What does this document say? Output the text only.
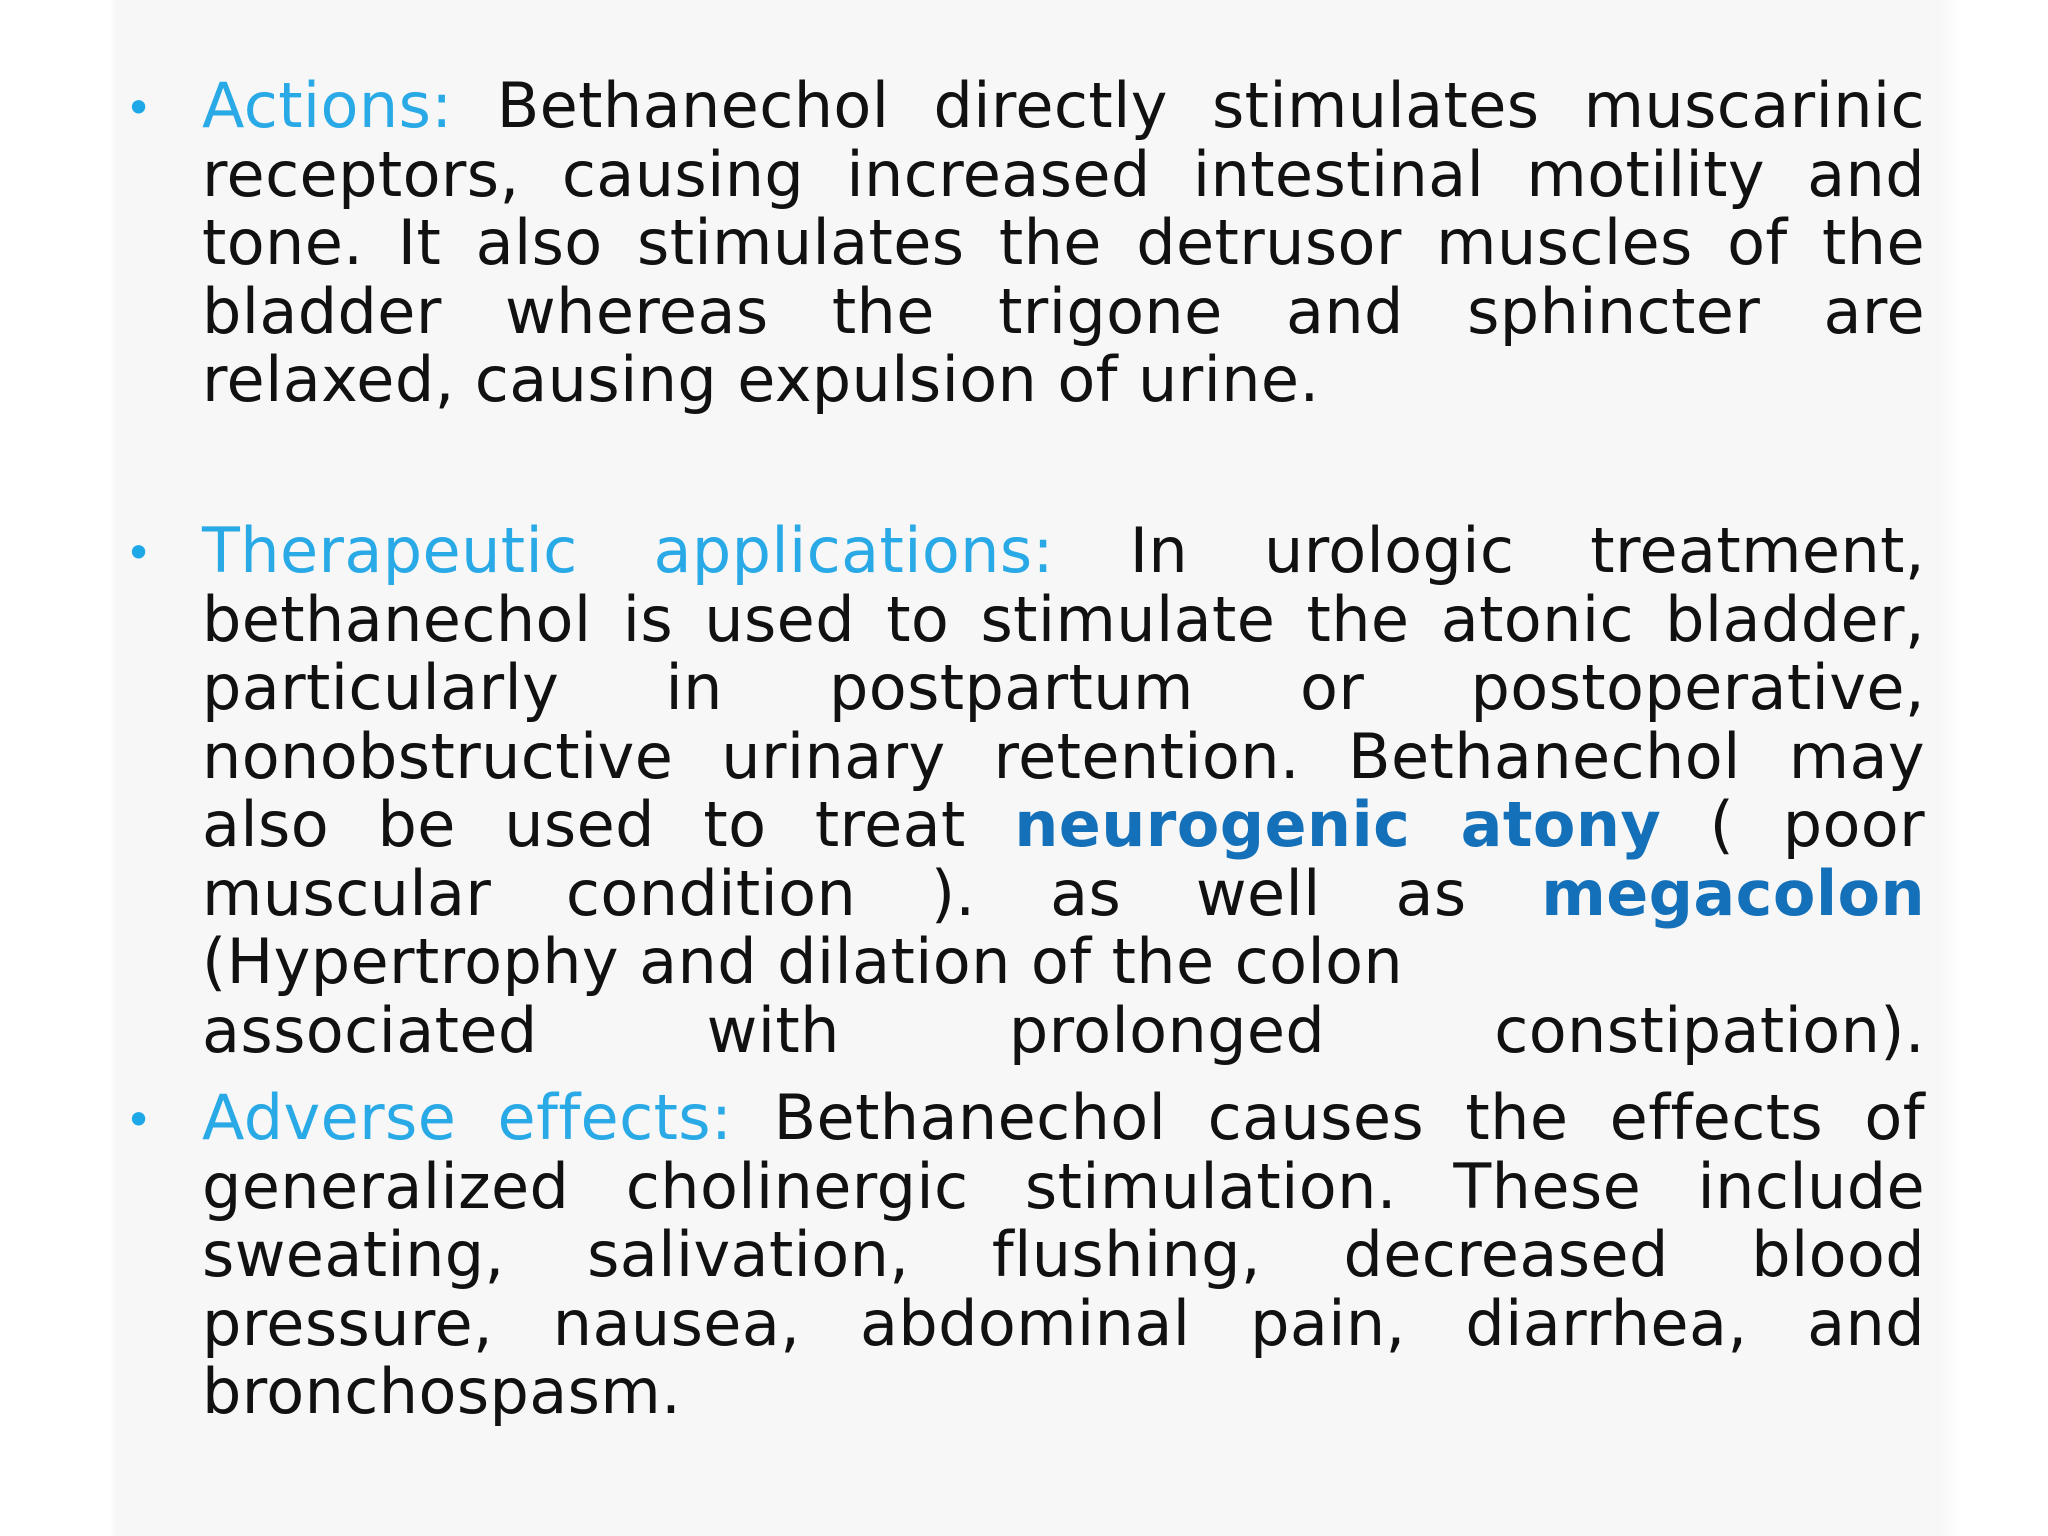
• Actions: Bethanechol directly stimulates muscarinic receptors, causing increased intestinal motility and tone. It also stimulates the detrusor muscles of the bladder whereas the trigone and sphincter are relaxed, causing expulsion of urine.

• Therapeutic applications: In urologic treatment, bethanechol is used to stimulate the atonic bladder, particularly in postpartum or postoperative, nonobstructive urinary retention. Bethanechol may also be used to treat neurogenic atony ( poor muscular condition ). as well as megacolon (Hypertrophy and dilation of the colon
associated with prolonged constipation).

• Adverse effects: Bethanechol causes the effects of generalized cholinergic stimulation. These include sweating, salivation, flushing, decreased blood pressure, nausea, abdominal pain, diarrhea, and bronchospasm.
